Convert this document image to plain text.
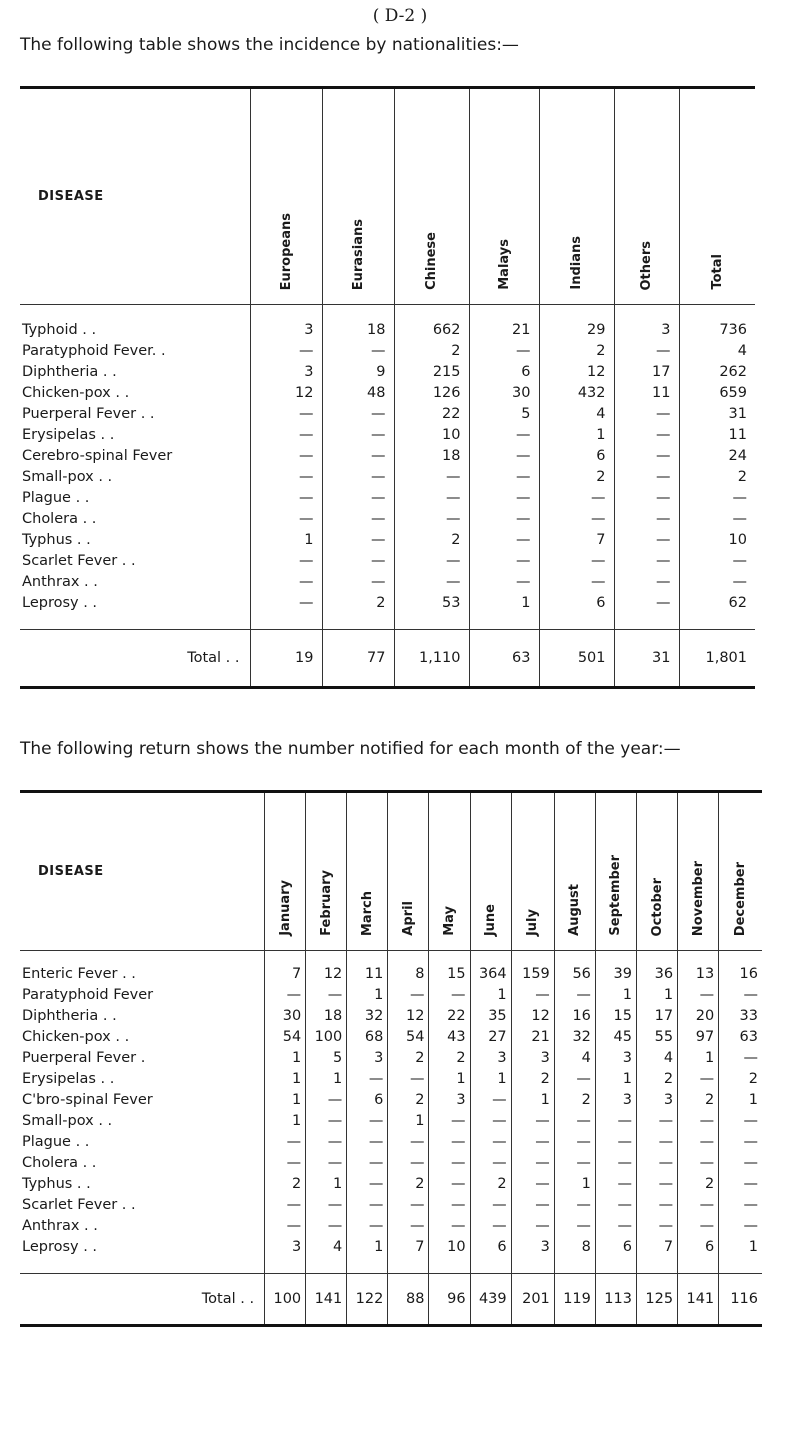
( D-2 )
The following table shows the incidence by nationalities:—
DISEASE	Europeans	Eurasians	Chinese	Malays	Indians	Others	Total
Typhoid . .	3	18	662	21	29	3	736
Paratyphoid Fever. .	—	—	2	—	2	—	4
Diphtheria . .	3	9	215	6	12	17	262
Chicken-pox . .	12	48	126	30	432	11	659
Puerperal Fever . .	—	—	22	5	4	—	31
Erysipelas . .	—	—	10	—	1	—	11
Cerebro-spinal Fever	—	—	18	—	6	—	24
Small-pox . .	—	—	—	—	2	—	2
Plague . .	—	—	—	—	—	—	—
Cholera . .	—	—	—	—	—	—	—
Typhus . .	1	—	2	—	7	—	10
Scarlet Fever . .	—	—	—	—	—	—	—
Anthrax . .	—	—	—	—	—	—	—
Leprosy . .	—	2	53	1	6	—	62
Total . .	19	77	1,110	63	501	31	1,801
The following return shows the number notified for each month of the year:—
DISEASE	January	February	March	April	May	June	July	August	September	October	November	December
Enteric Fever . .	7	12	11	8	15	364	159	56	39	36	13	16
Paratyphoid Fever	—	—	1	—	—	1	—	—	1	1	—	—
Diphtheria . .	30	18	32	12	22	35	12	16	15	17	20	33
Chicken-pox . .	54	100	68	54	43	27	21	32	45	55	97	63
Puerperal Fever .	1	5	3	2	2	3	3	4	3	4	1	—
Erysipelas . .	1	1	—	—	1	1	2	—	1	2	—	2
C'bro-spinal Fever	1	—	6	2	3	—	1	2	3	3	2	1
Small-pox . .	1	—	—	1	—	—	—	—	—	—	—	—
Plague . .	—	—	—	—	—	—	—	—	—	—	—	—
Cholera . .	—	—	—	—	—	—	—	—	—	—	—	—
Typhus . .	2	1	—	2	—	2	—	1	—	—	2	—
Scarlet Fever . .	—	—	—	—	—	—	—	—	—	—	—	—
Anthrax . .	—	—	—	—	—	—	—	—	—	—	—	—
Leprosy . .	3	4	1	7	10	6	3	8	6	7	6	1
Total . .	100	141	122	88	96	439	201	119	113	125	141	116
